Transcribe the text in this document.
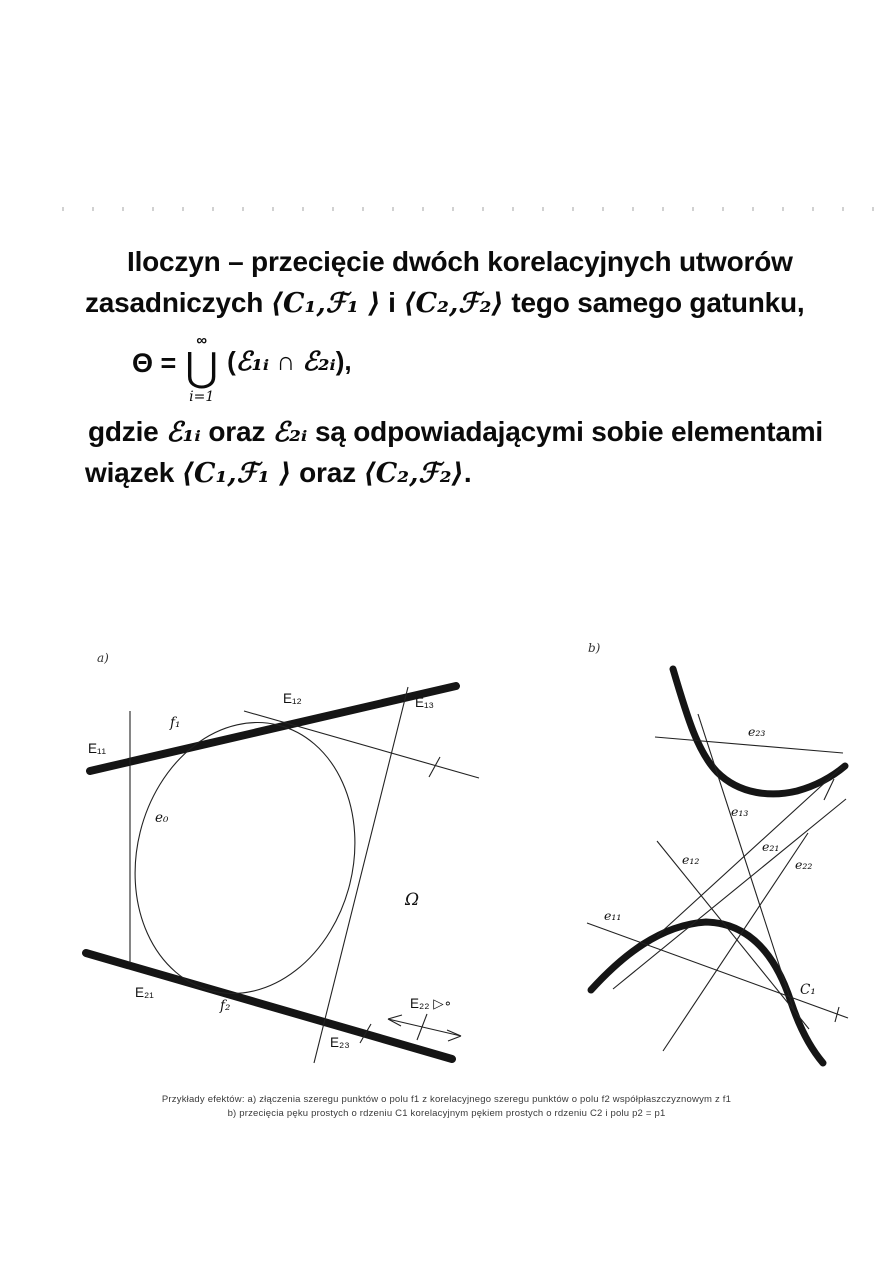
Iloczyn – przecięcie dwóch korelacyjnych utworów
zasadniczych ⟨C₁,ℱ₁ ⟩ i ⟨C₂,ℱ₂⟩ tego samego gatunku,
Θ =
∞
⋃
i=1
(ℰ₁ᵢ ∩ ℰ₂ᵢ),
gdzie ℰ₁ᵢ oraz ℰ₂ᵢ są odpowiadającymi sobie elementami
wiązek ⟨C₁,ℱ₁ ⟩ oraz ⟨C₂,ℱ₂⟩.
a)
E₁₁
f₁
E₁₂	E₁₃
e₀
Ω
E₂₁
f₂
E₂₃
E₂₂ ▷∘
b)
e₂₃
e₁₃
e₂₁
e₂₂
e₁₂
e₁₁
C₁
Przykłady efektów: a) złączenia szeregu punktów o polu f1 z korelacyjnego szeregu punktów o polu f2 współpłaszczyznowym z f1
b) przecięcia pęku prostych o rdzeniu C1 korelacyjnym pękiem prostych o rdzeniu C2 i polu p2 = p1
